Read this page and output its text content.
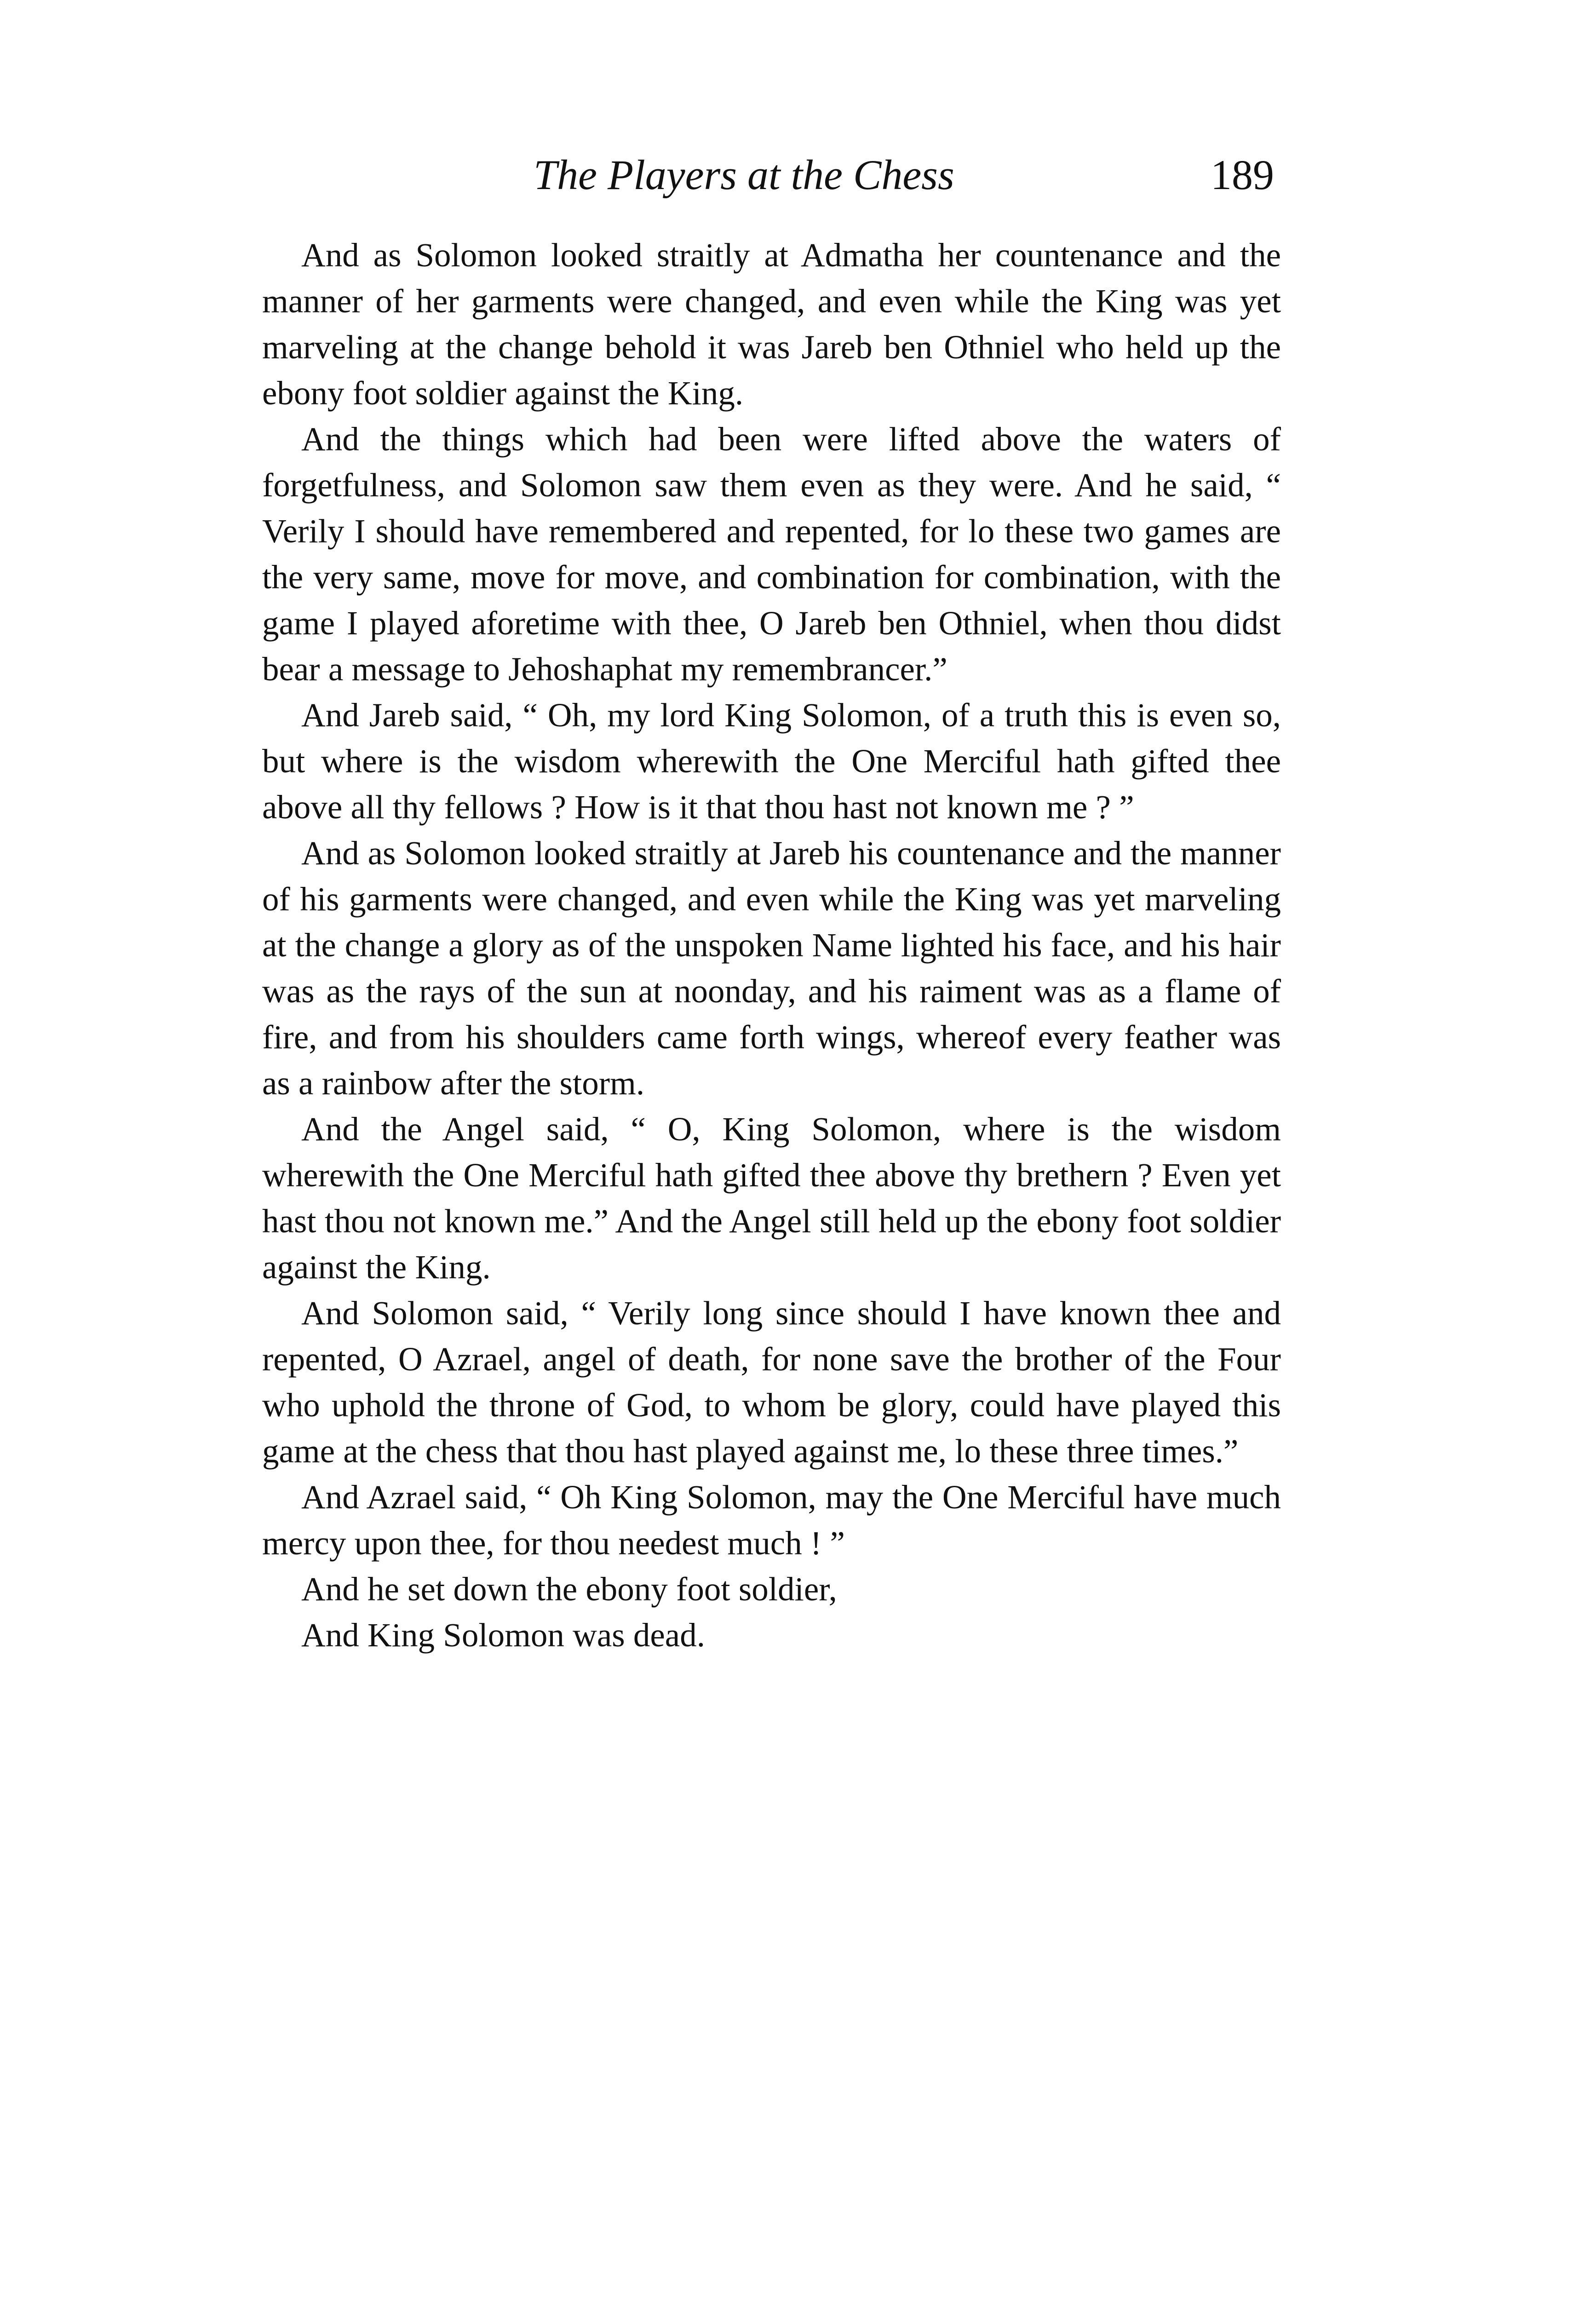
The Players at the Chess	189

And as Solomon looked straitly at Admatha her countenance and the manner of her garments were changed, and even while the King was yet marveling at the change behold it was Jareb ben Othniel who held up the ebony foot soldier against the King.

And the things which had been were lifted above the waters of forgetfulness, and Solomon saw them even as they were. And he said, “ Verily I should have remembered and repented, for lo these two games are the very same, move for move, and combination for combination, with the game I played aforetime with thee, O Jareb ben Othniel, when thou didst bear a message to Jehoshaphat my remembrancer.”

And Jareb said, “ Oh, my lord King Solomon, of a truth this is even so, but where is the wisdom wherewith the One Merciful hath gifted thee above all thy fellows ? How is it that thou hast not known me ? ”

And as Solomon looked straitly at Jareb his countenance and the manner of his garments were changed, and even while the King was yet marveling at the change a glory as of the unspoken Name lighted his face, and his hair was as the rays of the sun at noonday, and his raiment was as a flame of fire, and from his shoulders came forth wings, whereof every feather was as a rainbow after the storm.

And the Angel said, “ O, King Solomon, where is the wisdom wherewith the One Merciful hath gifted thee above thy brethern ? Even yet hast thou not known me.” And the Angel still held up the ebony foot soldier against the King.

And Solomon said, “ Verily long since should I have known thee and repented, O Azrael, angel of death, for none save the brother of the Four who uphold the throne of God, to whom be glory, could have played this game at the chess that thou hast played against me, lo these three times.”

And Azrael said, “ Oh King Solomon, may the One Merciful have much mercy upon thee, for thou needest much ! ”

And he set down the ebony foot soldier,

And King Solomon was dead.
